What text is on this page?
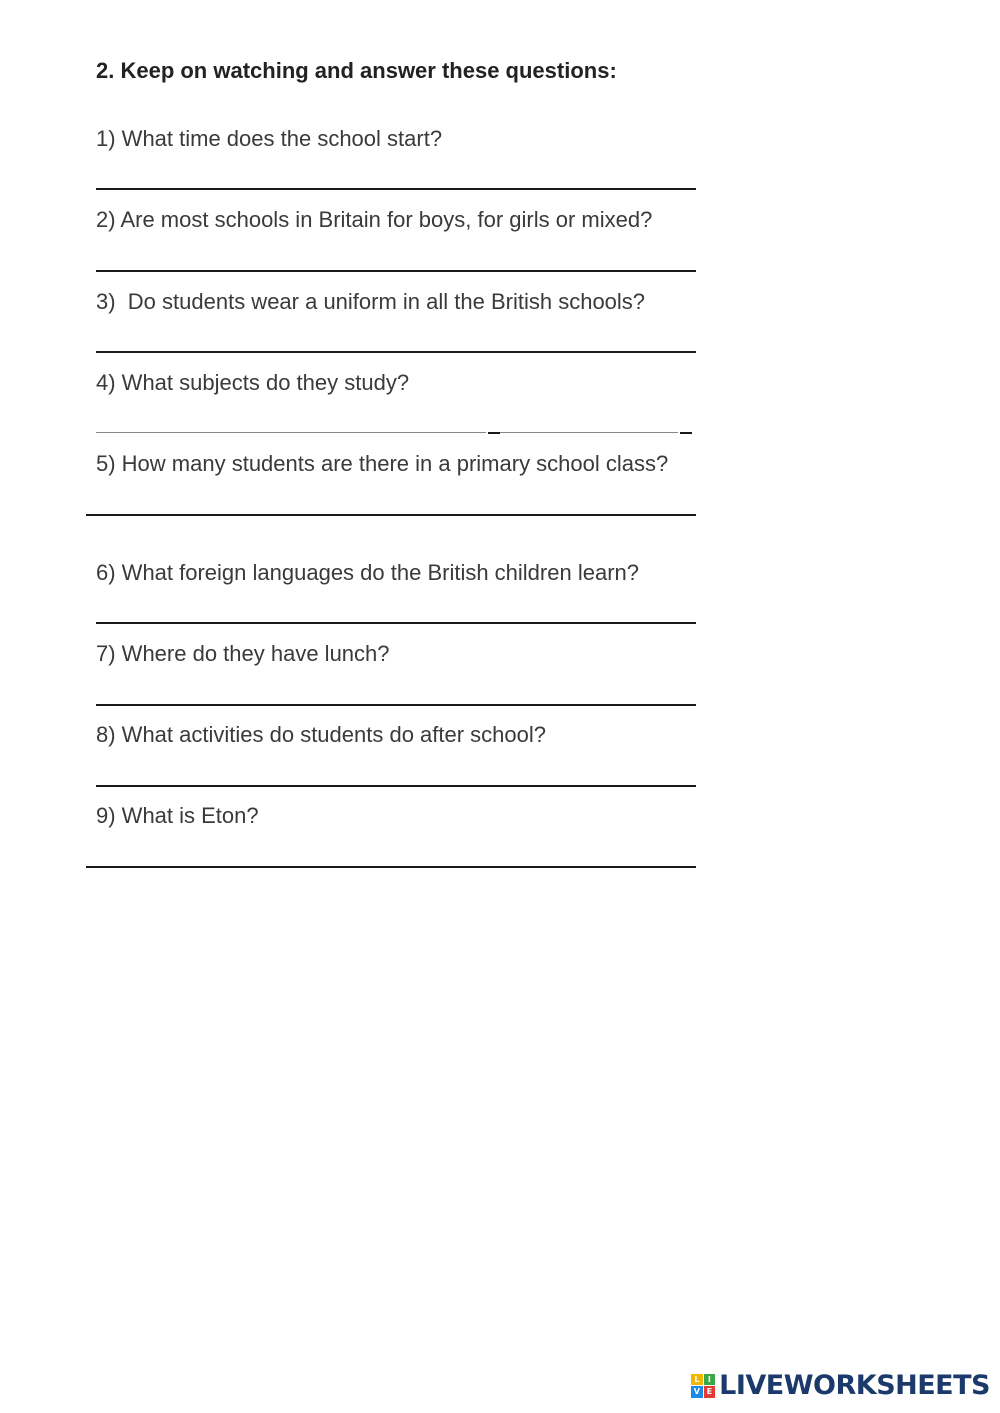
2. Keep on watching and answer these questions:
1) What time does the school start?
2) Are most schools in Britain for boys, for girls or mixed?
3)  Do students wear a uniform in all the British schools?
4) What subjects do they study?
5) How many students are there in a primary school class?
6) What foreign languages do the British children learn?
7) Where do they have lunch?
8) What activities do students do after school?
9) What is Eton?
L	I
V E LIVEWORKSHEETS
